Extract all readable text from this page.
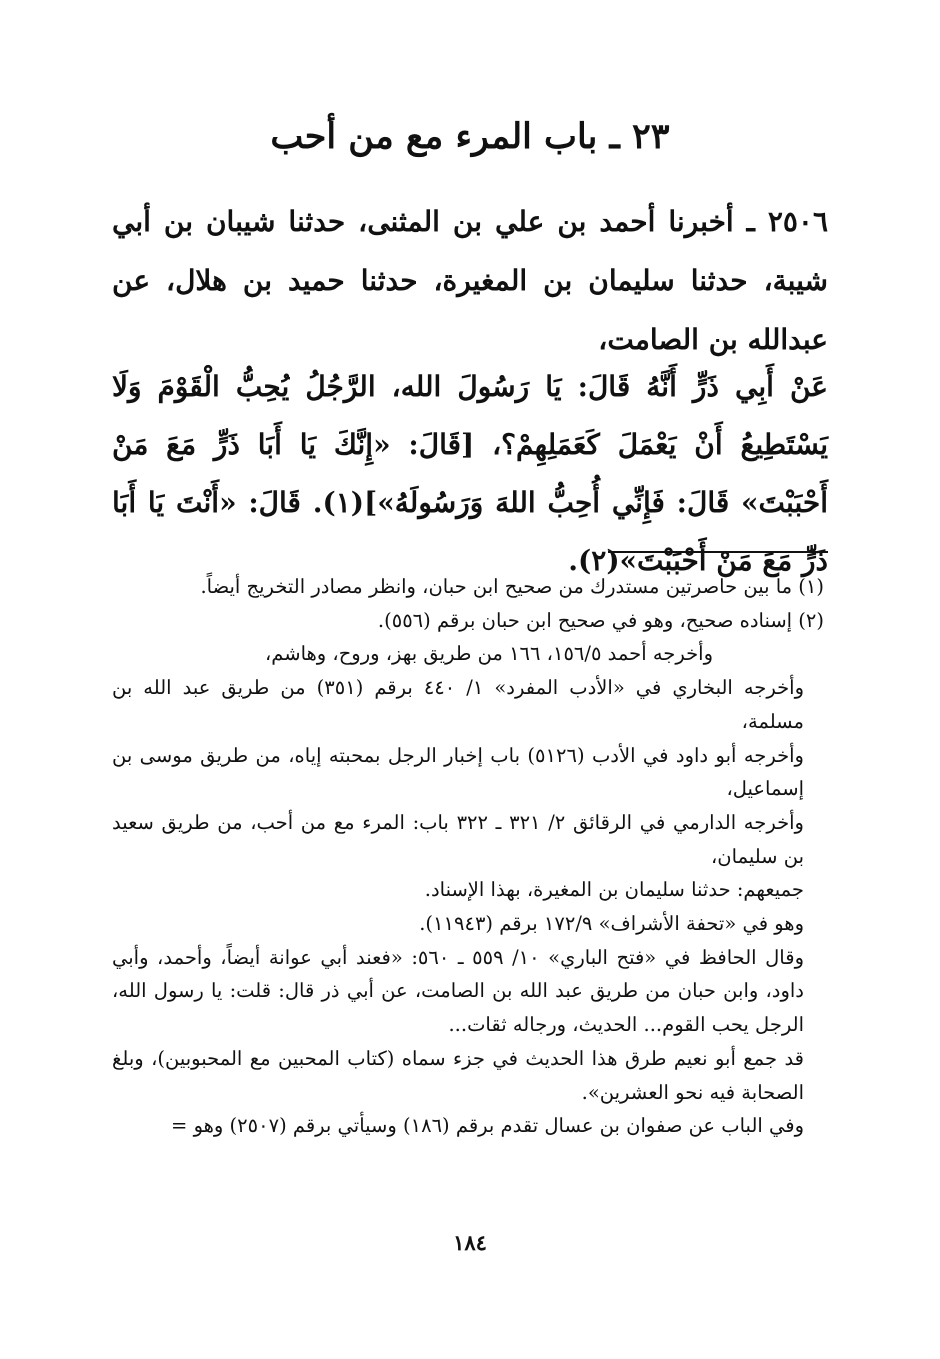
٢٣ ـ باب المرء مع من أحب

٢٥٠٦ ـ أخبرنا أحمد بن علي بن المثنى، حدثنا شيبان بن أبي شيبة، حدثنا سليمان بن المغيرة، حدثنا حميد بن هلال، عن عبدالله بن الصامت،

عَنْ أَبِي ذَرٍّ أَنَّهُ قَالَ: يَا رَسُولَ الله، الرَّجُلُ يُحِبُّ الْقَوْمَ وَلَا يَسْتَطِيعُ أَنْ يَعْمَلَ كَعَمَلِهِمْ؟، [قَالَ: «إِنَّكَ يَا أَبَا ذَرٍّ مَعَ مَنْ أَحْبَبْتَ» قَالَ: فَإِنِّي أُحِبُّ اللهَ وَرَسُولَهُ»](١). قَالَ: «أَنْتَ يَا أَبَا ذَرٍّ مَعَ مَنْ أَحْبَبْتَ»(٢).

(١) ما بين حاصرتين مستدرك من صحيح ابن حبان، وانظر مصادر التخريج أيضاً.

(٢) إسناده صحيح، وهو في صحيح ابن حبان برقم (٥٥٦).

وأخرجه أحمد ١٥٦/٥، ١٦٦ من طريق بهز، وروح، وهاشم،

وأخرجه البخاري في «الأدب المفرد» ١/ ٤٤٠ برقم (٣٥١) من طريق عبد الله بن مسلمة،

وأخرجه أبو داود في الأدب (٥١٢٦) باب إخبار الرجل بمحبته إياه، من طريق موسى بن إسماعيل،

وأخرجه الدارمي في الرقائق ٢/ ٣٢١ ـ ٣٢٢ باب: المرء مع من أحب، من طريق سعيد بن سليمان،

جميعهم: حدثنا سليمان بن المغيرة، بهذا الإسناد.

وهو في «تحفة الأشراف» ١٧٢/٩ برقم (١١٩٤٣).

وقال الحافظ في «فتح الباري» ١٠/ ٥٥٩ ـ ٥٦٠: «فعند أبي عوانة أيضاً، وأحمد، وأبي داود، وابن حبان من طريق عبد الله بن الصامت، عن أبي ذر قال: قلت: يا رسول الله، الرجل يحب القوم... الحديث، ورجاله ثقات...

قد جمع أبو نعيم طرق هذا الحديث في جزء سماه (كتاب المحبين مع المحبوبين)، وبلغ الصحابة فيه نحو العشرين».

وفي الباب عن صفوان بن عسال تقدم برقم (١٨٦) وسيأتي برقم (٢٥٠٧) وهو =

١٨٤
